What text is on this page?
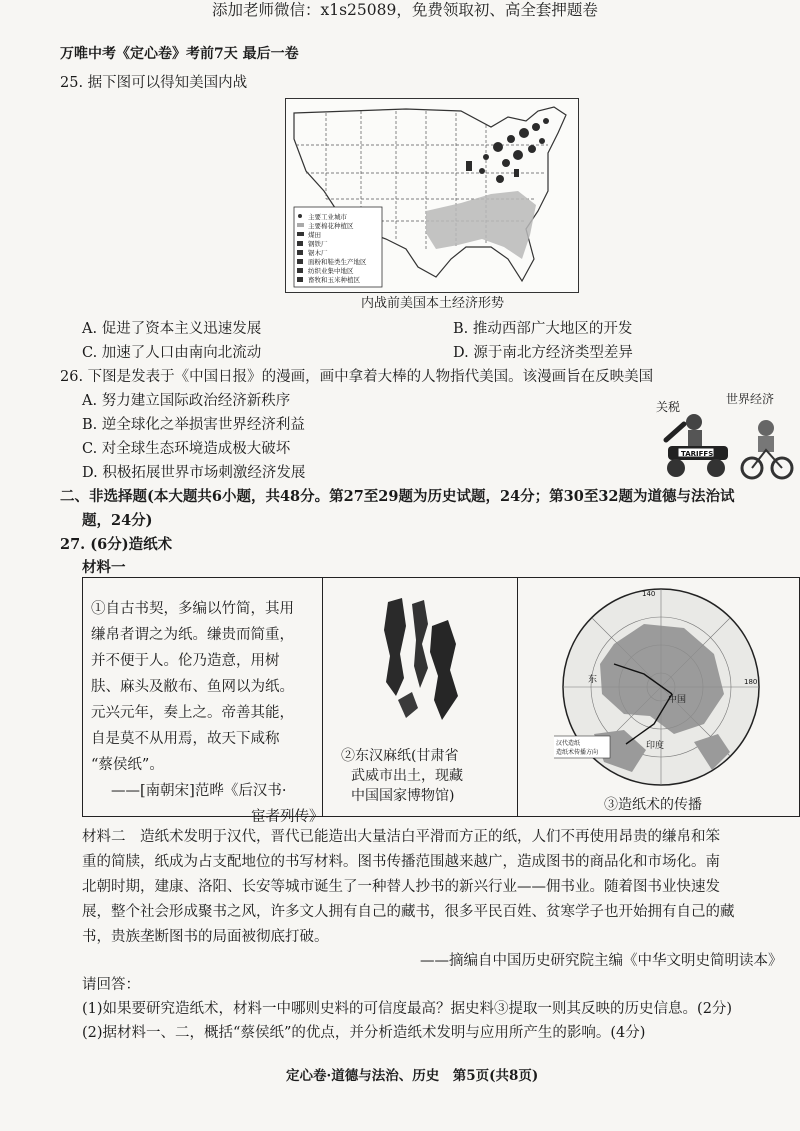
添加老师微信：x1s25089，免费领取初、高全套押题卷
万唯中考《定心卷》考前7天 最后一卷
25. 据下图可以得知美国内战
主要工业城市
主要棉花种植区
煤田
钢铁厂
锯木厂
面粉和鞋类生产地区
纺织业集中地区
畜牧和玉米种植区
内战前美国本土经济形势
A. 促进了资本主义迅速发展	B. 推动西部广大地区的开发
C. 加速了人口由南向北流动	D. 源于南北方经济类型差异
26. 下图是发表于《中国日报》的漫画，画中拿着大棒的人物指代美国。该漫画旨在反映美国
A. 努力建立国际政治经济新秩序
B. 逆全球化之举损害世界经济利益
C. 对全球生态环境造成极大破坏
D. 积极拓展世界市场刺激经济发展
TARIFFS
关税
世界经济
二、非选择题(本大题共6小题，共48分。第27至29题为历史试题，24分；第30至32题为道德与法治试
题，24分)
27. (6分)造纸术
材料一
①自古书契，多编以竹简，其用
缣帛者谓之为纸。缣贵而简重，
并不便于人。伦乃造意，用树
肤、麻头及敝布、鱼网以为纸。
元兴元年，奏上之。帝善其能，
自是莫不从用焉，故天下咸称
“蔡侯纸”。
——[南朝宋]范晔《后汉书·
宦者列传》
②东汉麻纸(甘肃省
武威市出土，现藏
中国国家博物馆)
140
东
中国
印度
180
汉代造纸
造纸术传播方向
③造纸术的传播
材料二　造纸术发明于汉代，晋代已能造出大量洁白平滑而方正的纸，人们不再使用昂贵的缣帛和笨
重的简牍，纸成为占支配地位的书写材料。图书传播范围越来越广，造成图书的商品化和市场化。南
北朝时期，建康、洛阳、长安等城市诞生了一种替人抄书的新兴行业——佣书业。随着图书业快速发
展，整个社会形成聚书之风，许多文人拥有自己的藏书，很多平民百姓、贫寒学子也开始拥有自己的藏
书，贵族垄断图书的局面被彻底打破。
——摘编自中国历史研究院主编《中华文明史简明读本》
请回答：
(1)如果要研究造纸术，材料一中哪则史料的可信度最高？据史料③提取一则其反映的历史信息。(2分)
(2)据材料一、二，概括“蔡侯纸”的优点，并分析造纸术发明与应用所产生的影响。(4分)
定心卷·道德与法治、历史　第5页(共8页)
